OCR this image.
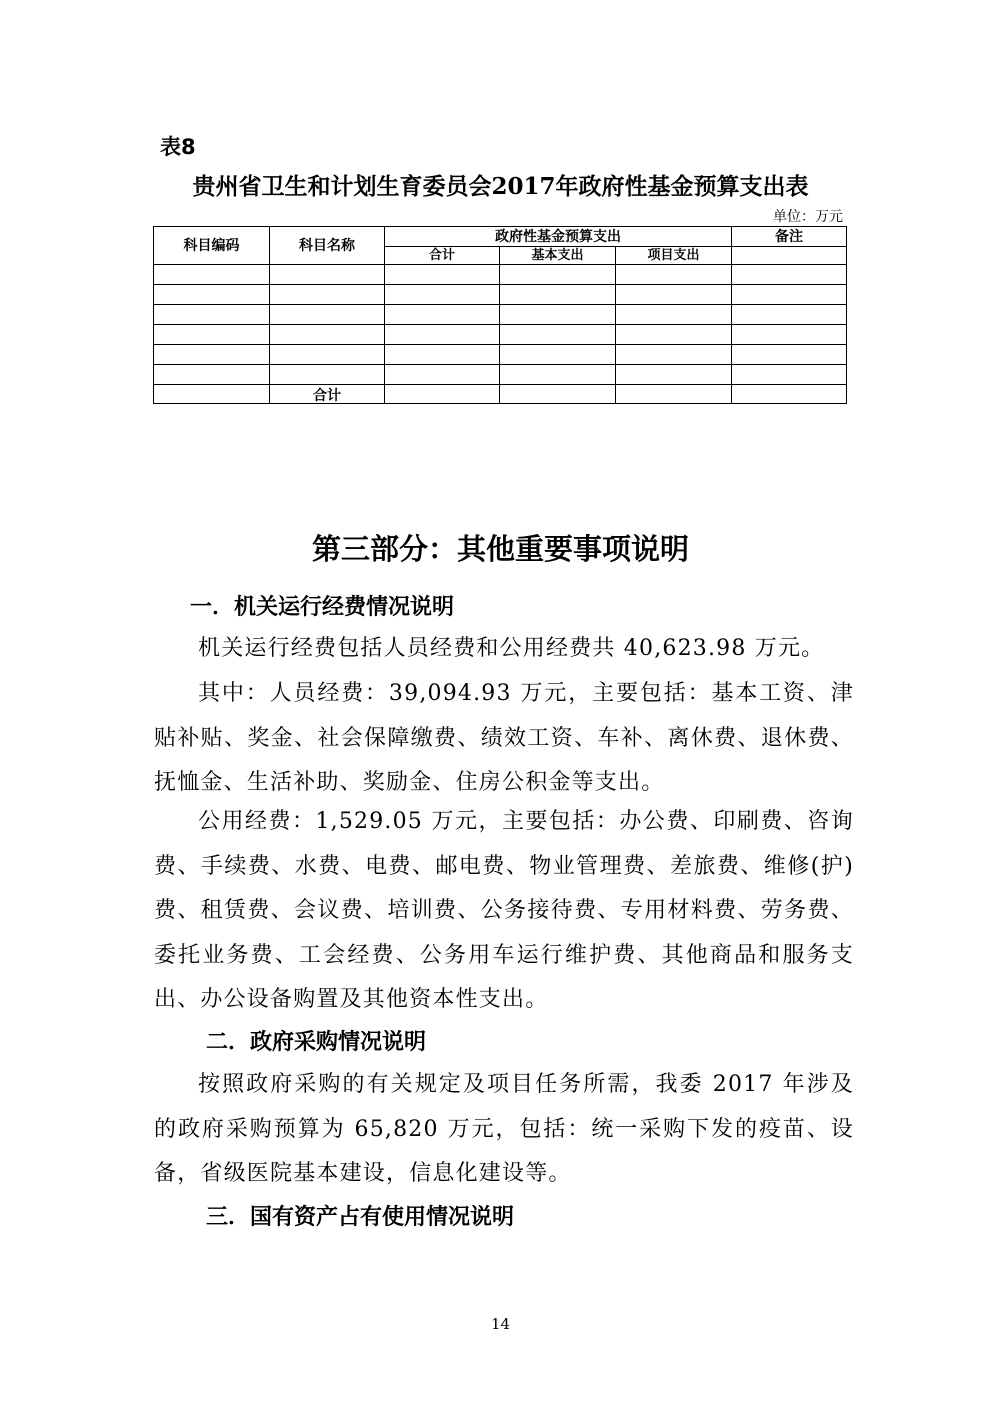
表8

贵州省卫生和计划生育委员会2017年政府性基金预算支出表

单位：万元

科目编码	科目名称	政府性基金预算支出			备注
		合计	基本支出	项目支出	

	合计				
第三部分：其他重要事项说明
一．机关运行经费情况说明

机关运行经费包括人员经费和公用经费共 40,623.98 万元。

其中：人员经费：39,094.93 万元，主要包括：基本工资、津贴补贴、奖金、社会保障缴费、绩效工资、车补、离休费、退休费、抚恤金、生活补助、奖励金、住房公积金等支出。

公用经费：1,529.05 万元，主要包括：办公费、印刷费、咨询费、手续费、水费、电费、邮电费、物业管理费、差旅费、维修(护)费、租赁费、会议费、培训费、公务接待费、专用材料费、劳务费、委托业务费、工会经费、公务用车运行维护费、其他商品和服务支出、办公设备购置及其他资本性支出。

二．政府采购情况说明

按照政府采购的有关规定及项目任务所需，我委 2017 年涉及的政府采购预算为 65,820 万元，包括：统一采购下发的疫苗、设备，省级医院基本建设，信息化建设等。

三．国有资产占有使用情况说明

14
